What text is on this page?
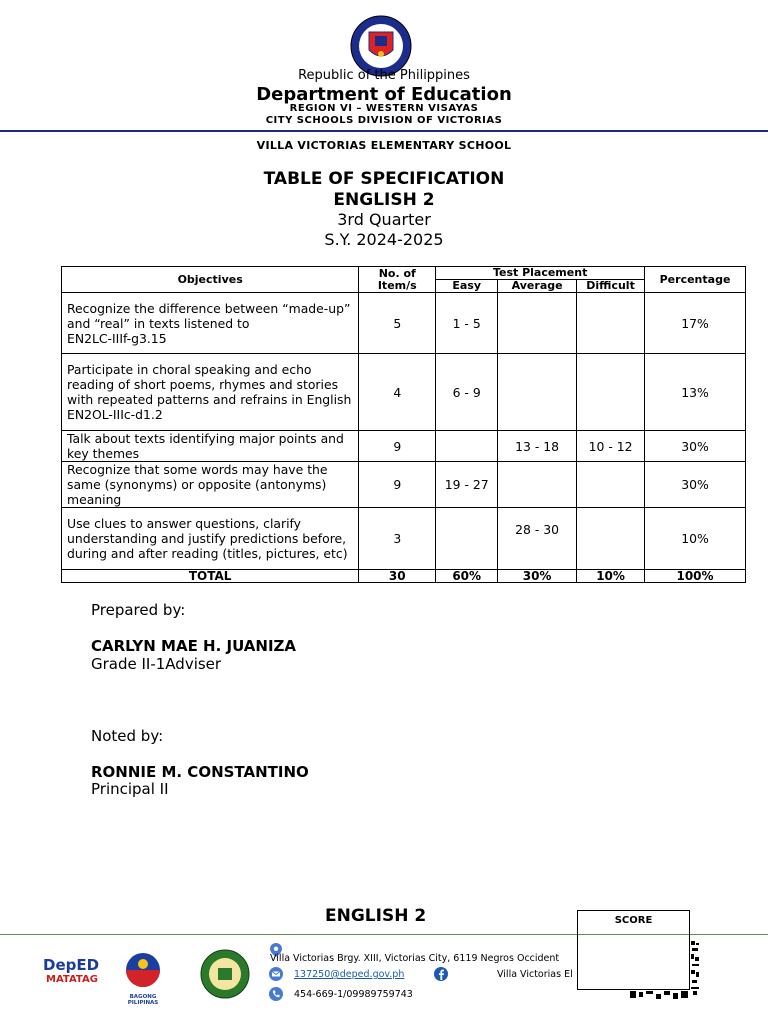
Republic of the Philippines
Department of Education
REGION VI – WESTERN VISAYAS
CITY SCHOOLS DIVISION OF VICTORIAS
VILLA VICTORIAS ELEMENTARY SCHOOL
TABLE OF SPECIFICATION
ENGLISH 2
3rd Quarter
S.Y. 2024-2025
Objectives	No. of Item/s	Test Placement			Percentage
		Easy	Average	Difficult	
Recognize the difference between “made-up” and “real” in texts listened to
EN2LC-IIIf-g3.15	5	1 - 5			17%
Participate in choral speaking and echo reading of short poems, rhymes and stories with repeated patterns and refrains in English
EN2OL-IIIc-d1.2	4	6 - 9			13%
Talk about texts identifying major points and key themes	9		13 - 18	10 - 12	30%
Recognize that some words may have the same (synonyms) or opposite (antonyms) meaning	9	19 - 27			30%
Use clues to answer questions, clarify understanding and justify predictions before, during and after reading (titles, pictures, etc)	3		28 - 30		10%
TOTAL	30	60%	30%	10%	100%
Prepared by:
CARLYN MAE H. JUANIZA
Grade II-1Adviser
Noted by:
RONNIE M. CONSTANTINO
Principal II
ENGLISH 2
DepED
MATATAG
BAGONG PILIPINAS
Villa Victorias Brgy. XIII, Victorias City, 6119 Negros Occident
137250@deped.gov.ph	Villa Victorias El
454-669-1/09989759743
SCORE
